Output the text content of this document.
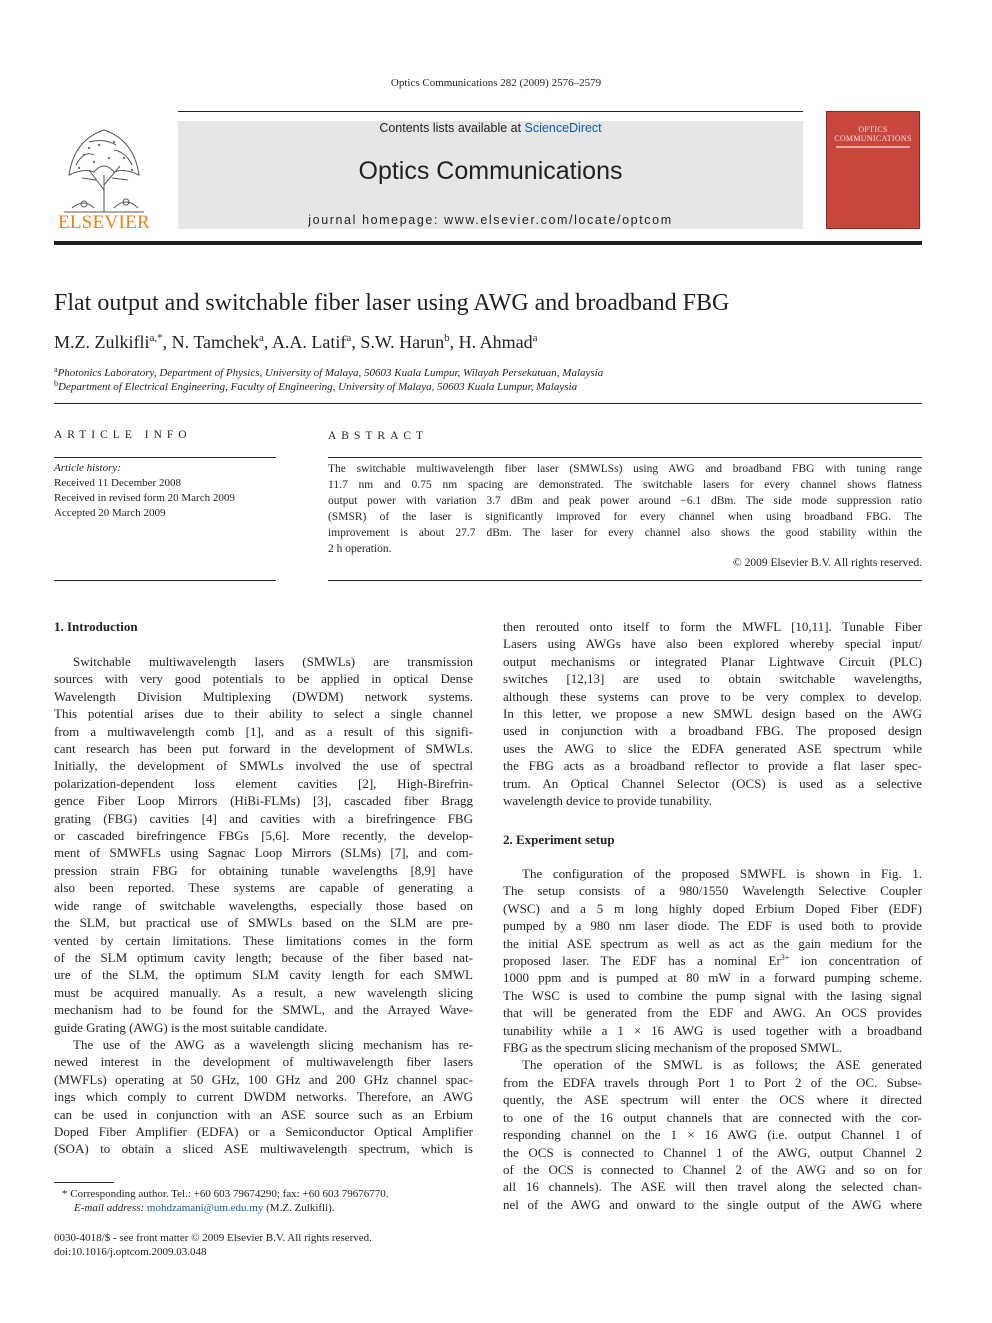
Optics Communications 282 (2009) 2576–2579
ELSEVIER
Contents lists available at ScienceDirect
Optics Communications
journal homepage: www.elsevier.com/locate/optcom
OPTICS
COMMUNICATIONS
Flat output and switchable fiber laser using AWG and broadband FBG
M.Z. Zulkifli$^{a,*}$, N. Tamchek$^a$, A.A. Latif$^a$, S.W. Harun$^b$, H. Ahmad$^a$
$^a$Photonics Laboratory, Department of Physics, University of Malaya, 50603 Kuala Lumpur, Wilayah Persekutuan, Malaysia
$^b$Department of Electrical Engineering, Faculty of Engineering, University of Malaya, 50603 Kuala Lumpur, Malaysia
ARTICLE INFO	ABSTRACT
Article history:
Received 11 December 2008
Received in revised form 20 March 2009
Accepted 20 March 2009
The switchable multiwavelength fiber laser (SMWLSs) using AWG and broadband FBG with tuning range
11.7 nm and 0.75 nm spacing are demonstrated. The switchable lasers for every channel shows flatness
output power with variation 3.7 dBm and peak power around −6.1 dBm. The side mode suppression ratio
(SMSR) of the laser is significantly improved for every channel when using broadband FBG. The
improvement is about 27.7 dBm. The laser for every channel also shows the good stability within the
2 h operation.
© 2009 Elsevier B.V. All rights reserved.
1. Introduction
Switchable multiwavelength lasers (SMWLs) are transmission
sources with very good potentials to be applied in optical Dense
Wavelength Division Multiplexing (DWDM) network systems.
This potential arises due to their ability to select a single channel
from a multiwavelength comb [1], and as a result of this signifi-
cant research has been put forward in the development of SMWLs.
Initially, the development of SMWLs involved the use of spectral
polarization-dependent loss element cavities [2], High-Birefrin-
gence Fiber Loop Mirrors (HiBi-FLMs) [3], cascaded fiber Bragg
grating (FBG) cavities [4] and cavities with a birefringence FBG
or cascaded birefringence FBGs [5,6]. More recently, the develop-
ment of SMWFLs using Sagnac Loop Mirrors (SLMs) [7], and com-
pression strain FBG for obtaining tunable wavelengths [8,9] have
also been reported. These systems are capable of generating a
wide range of switchable wavelengths, especially those based on
the SLM, but practical use of SMWLs based on the SLM are pre-
vented by certain limitations. These limitations comes in the form
of the SLM optimum cavity length; because of the fiber based nat-
ure of the SLM, the optimum SLM cavity length for each SMWL
must be acquired manually. As a result, a new wavelength slicing
mechanism had to be found for the SMWL, and the Arrayed Wave-
guide Grating (AWG) is the most suitable candidate.
The use of the AWG as a wavelength slicing mechanism has re-
newed interest in the development of multiwavelength fiber lasers
(MWFLs) operating at 50 GHz, 100 GHz and 200 GHz channel spac-
ings which comply to current DWDM networks. Therefore, an AWG
can be used in conjunction with an ASE source such as an Erbium
Doped Fiber Amplifier (EDFA) or a Semiconductor Optical Amplifier
(SOA) to obtain a sliced ASE multiwavelength spectrum, which is
then rerouted onto itself to form the MWFL [10,11]. Tunable Fiber
Lasers using AWGs have also been explored whereby special input/
output mechanisms or integrated Planar Lightwave Circuit (PLC)
switches [12,13] are used to obtain switchable wavelengths,
although these systems can prove to be very complex to develop.
In this letter, we propose a new SMWL design based on the AWG
used in conjunction with a broadband FBG. The proposed design
uses the AWG to slice the EDFA generated ASE spectrum while
the FBG acts as a broadband reflector to provide a flat laser spec-
trum. An Optical Channel Selector (OCS) is used as a selective
wavelength device to provide tunability.
2. Experiment setup
The configuration of the proposed SMWFL is shown in Fig. 1.
The setup consists of a 980/1550 Wavelength Selective Coupler
(WSC) and a 5 m long highly doped Erbium Doped Fiber (EDF)
pumped by a 980 nm laser diode. The EDF is used both to provide
the initial ASE spectrum as well as act as the gain medium for the
proposed laser. The EDF has a nominal $Er^{3+}$ ion concentration of
1000 ppm and is pumped at 80 mW in a forward pumping scheme.
The WSC is used to combine the pump signal with the lasing signal
that will be generated from the EDF and AWG. An OCS provides
tunability while a 1 × 16 AWG is used together with a broadband
FBG as the spectrum slicing mechanism of the proposed SMWL.
The operation of the SMWL is as follows; the ASE generated
from the EDFA travels through Port 1 to Port 2 of the OC. Subse-
quently, the ASE spectrum will enter the OCS where it directed
to one of the 16 output channels that are connected with the cor-
responding channel on the 1 × 16 AWG (i.e. output Channel 1 of
the OCS is connected to Channel 1 of the AWG, output Channel 2
of the OCS is connected to Channel 2 of the AWG and so on for
all 16 channels). The ASE will then travel along the selected chan-
nel of the AWG and onward to the single output of the AWG where
* Corresponding author. Tel.: +60 603 79674290; fax: +60 603 79676770.
E-mail address: mohdzamani@um.edu.my (M.Z. Zulkifli).
0030-4018/$ - see front matter © 2009 Elsevier B.V. All rights reserved.
doi:10.1016/j.optcom.2009.03.048
